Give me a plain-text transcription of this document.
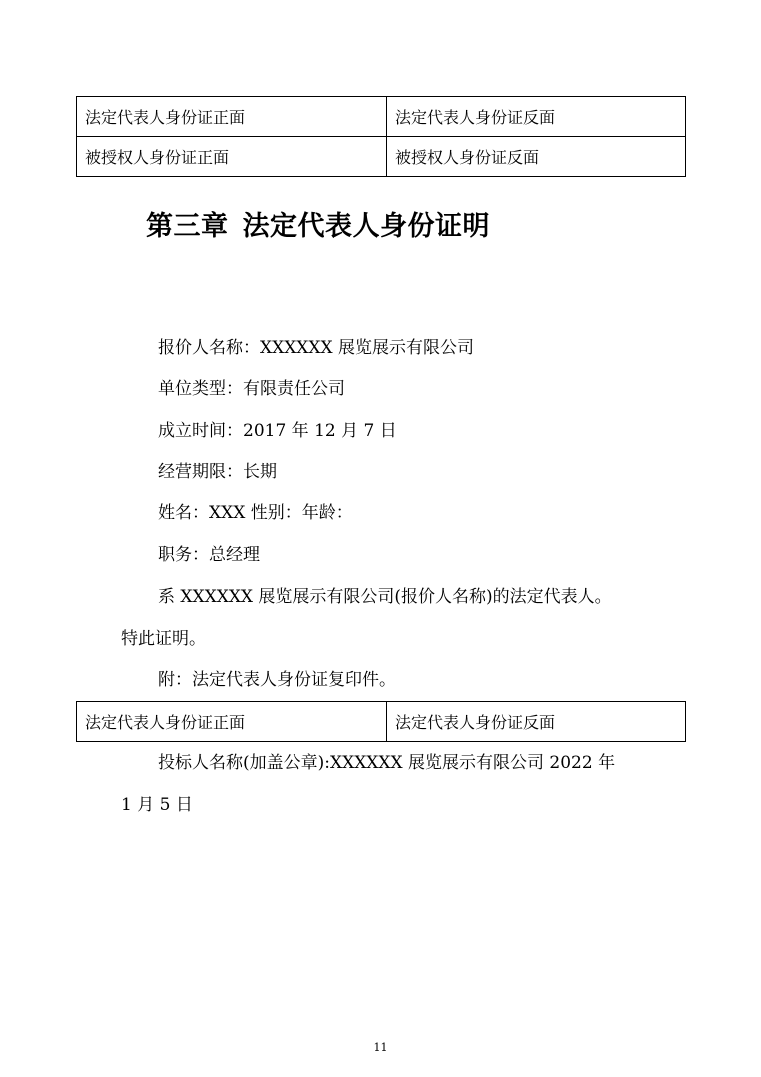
法定代表人身份证正面	法定代表人身份证反面
被授权人身份证正面	被授权人身份证反面
第三章 法定代表人身份证明
报价人名称：XXXXXX 展览展示有限公司
单位类型：有限责任公司
成立时间：2017 年 12 月 7 日
经营期限：长期
姓名：XXX 性别：年龄：
职务：总经理
系 XXXXXX 展览展示有限公司(报价人名称)的法定代表人。
特此证明。
附：法定代表人身份证复印件。
法定代表人身份证正面	法定代表人身份证反面
投标人名称(加盖公章):XXXXXX 展览展示有限公司 2022 年
1 月 5 日
11
